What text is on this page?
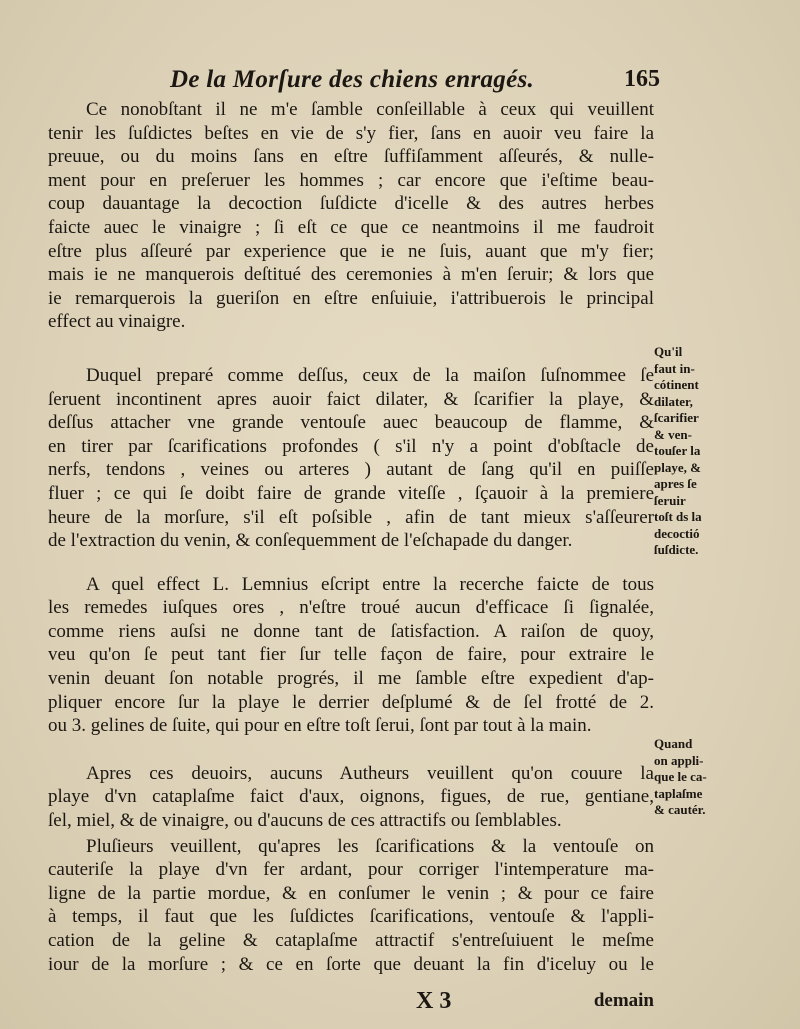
De la Morſure des chiens enragés.	165
Ce nonobſtant il ne m'e ſamble conſeillable à ceux qui veuillent
tenir les ſuſdictes beſtes en vie de s'y fier, ſans en auoir veu faire la
preuue, ou du moins ſans en eſtre ſuffiſamment aſſeurés, & nulle-
ment pour en preſeruer les hommes ; car encore que i'eſtime beau-
coup dauantage la decoction ſuſdicte d'icelle & des autres herbes
faicte auec le vinaigre ; ſi eſt ce que ce neantmoins il me faudroit
eſtre plus aſſeuré par experience que ie ne ſuis, auant que m'y fier;
mais ie ne manquerois deſtitué des ceremonies à m'en ſeruir; & lors que
ie remarquerois la gueriſon en eſtre enſuiuie, i'attribuerois le principal
effect au vinaigre.
Duquel preparé comme deſſus, ceux de la maiſon ſuſnommee ſe
ſeruent incontinent apres auoir faict dilater, & ſcarifier la playe, &
deſſus attacher vne grande ventouſe auec beaucoup de flamme, &
en tirer par ſcarifications profondes ( s'il n'y a point d'obſtacle de
nerfs, tendons , veines ou arteres ) autant de ſang qu'il en puiſſe
fluer ; ce qui ſe doibt faire de grande viteſſe , ſçauoir à la premiere
heure de la morſure, s'il eſt poſsible , afin de tant mieux s'aſſeurer
de l'extraction du venin, & conſequemment de l'eſchapade du danger.
A quel effect L. Lemnius eſcript entre la recerche faicte de tous
les remedes iuſques ores , n'eſtre troué aucun d'efficace ſi ſignalée,
comme riens auſsi ne donne tant de ſatisfaction. A raiſon de quoy,
veu qu'on ſe peut tant fier ſur telle façon de faire, pour extraire le
venin deuant ſon notable progrés, il me ſamble eſtre expedient d'ap-
pliquer encore ſur la playe le derrier deſplumé & de ſel frotté de 2.
ou 3. gelines de ſuite, qui pour en eſtre toſt ſerui, ſont par tout à la main.
Apres ces deuoirs, aucuns Autheurs veuillent qu'on couure la
playe d'vn cataplaſme faict d'aux, oignons, figues, de rue, gentiane,
ſel, miel, & de vinaigre, ou d'aucuns de ces attractifs ou ſemblables.
Pluſieurs veuillent, qu'apres les ſcarifications & la ventouſe on
cauteriſe la playe d'vn fer ardant, pour corriger l'intemperature ma-
ligne de la partie mordue, & en conſumer le venin ; & pour ce faire
à temps, il faut que les ſuſdictes ſcarifications, ventouſe & l'appli-
cation de la geline & cataplaſme attractif s'entreſuiuent le meſme
iour de la morſure ; & ce en ſorte que deuant la fin d'iceluy ou le
Qu'il
faut in-
cótinent
dilater,
ſcarifier
& ven-
touſer la
playe, &
apres ſe
ſeruir
toſt ds la
decoctió
ſuſdicte.
Quand
on appli-
que le ca-
taplaſme
& cautér.
X 3	demain
